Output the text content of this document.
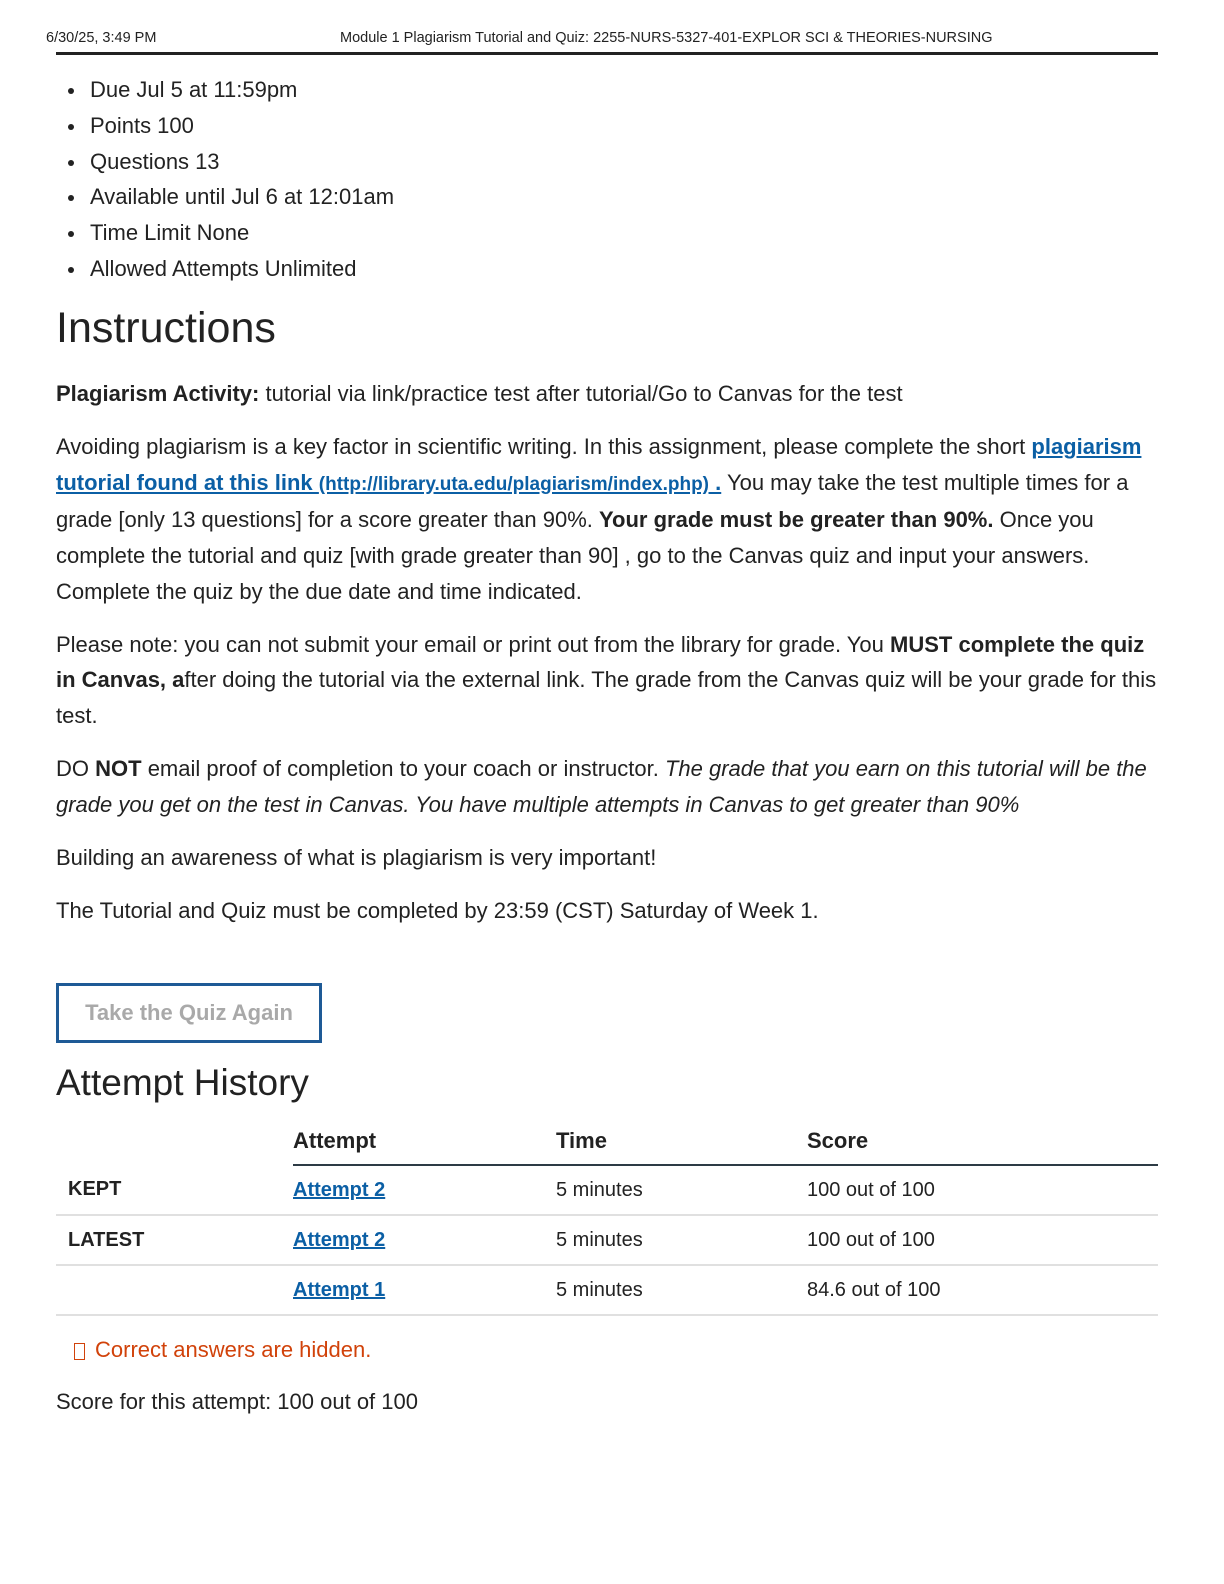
6/30/25, 3:49 PM	Module 1 Plagiarism Tutorial and Quiz: 2255-NURS-5327-401-EXPLOR SCI & THEORIES-NURSING
Due Jul 5 at 11:59pm
Points 100
Questions 13
Available until Jul 6 at 12:01am
Time Limit None
Allowed Attempts Unlimited
Instructions

Plagiarism Activity: tutorial via link/practice test after tutorial/Go to Canvas for the test

Avoiding plagiarism is a key factor in scientific writing. In this assignment, please complete the short plagiarism tutorial found at this link (http://library.uta.edu/plagiarism/index.php) . You may take the test multiple times for a grade [only 13 questions] for a score greater than 90%. Your grade must be greater than 90%. Once you complete the tutorial and quiz [with grade greater than 90] , go to the Canvas quiz and input your answers. Complete the quiz by the due date and time indicated.

Please note: you can not submit your email or print out from the library for grade. You MUST complete the quiz in Canvas, after doing the tutorial via the external link. The grade from the Canvas quiz will be your grade for this test.

DO NOT email proof of completion to your coach or instructor. The grade that you earn on this tutorial will be the grade you get on the test in Canvas. You have multiple attempts in Canvas to get greater than 90%

Building an awareness of what is plagiarism is very important!

The Tutorial and Quiz must be completed by 23:59 (CST) Saturday of Week 1.

Take the Quiz Again
Attempt History
	Attempt	Time	Score
KEPT	Attempt 2	5 minutes	100 out of 100
LATEST	Attempt 2	5 minutes	100 out of 100
	Attempt 1	5 minutes	84.6 out of 100
Correct answers are hidden.
Score for this attempt: 100 out of 100
